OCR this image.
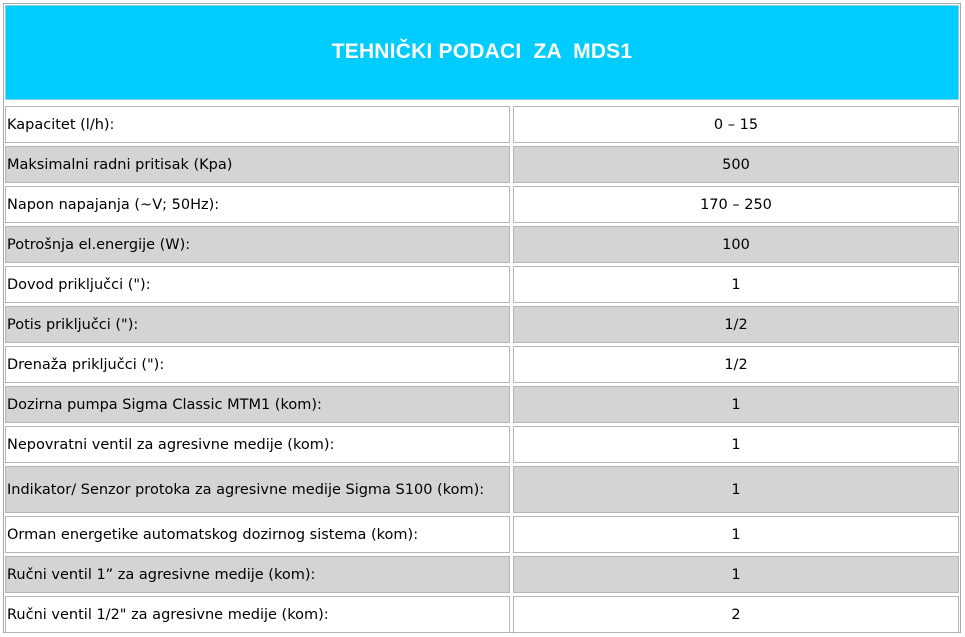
TEHNIČKI PODACI  ZA  MDS1
Kapacitet (l/h):	0 – 15
Maksimalni radni pritisak (Kpa)	500
Napon napajanja (~V; 50Hz):	170 – 250
Potrošnja el.energije (W):	100
Dovod priključci ("):	1
Potis priključci ("):	1/2
Drenaža priključci ("):	1/2
Dozirna pumpa Sigma Classic MTM1 (kom):	1
Nepovratni ventil za agresivne medije (kom):	1
Indikator/ Senzor protoka za agresivne medije Sigma S100 (kom):	1
Orman energetike automatskog dozirnog sistema (kom):	1
Ručni ventil 1” za agresivne medije (kom):	1
Ručni ventil 1/2" za agresivne medije (kom):	2
